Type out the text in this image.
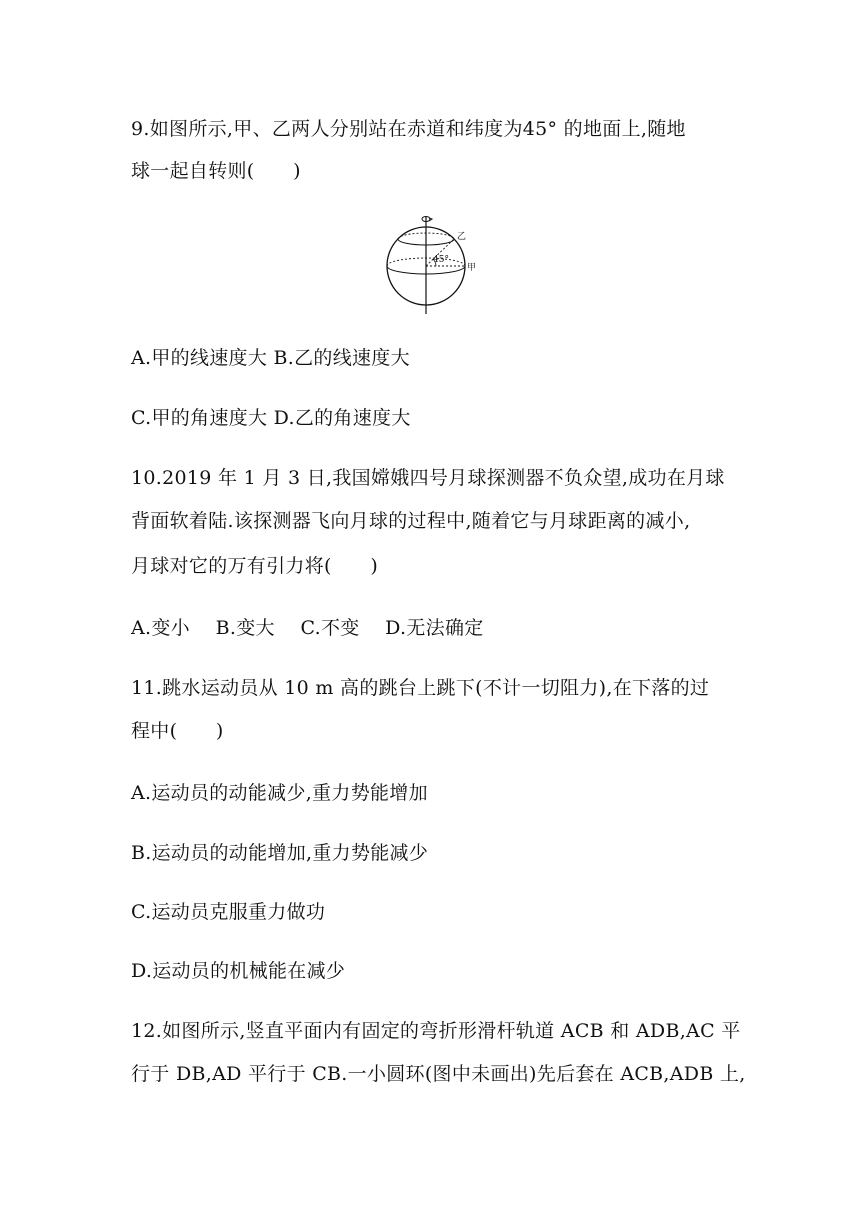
9.如图所示,甲、乙两人分别站在赤道和纬度为45° 的地面上,随地
球一起自转则(　　)
45°
乙
甲
A.甲的线速度大 B.乙的线速度大
C.甲的角速度大 D.乙的角速度大
10.2019 年 1 月 3 日,我国嫦娥四号月球探测器不负众望,成功在月球
背面软着陆.该探测器飞向月球的过程中,随着它与月球距离的减小,
月球对它的万有引力将(　　)
A.变小　 B.变大　 C.不变　 D.无法确定
11.跳水运动员从 10 m 高的跳台上跳下(不计一切阻力),在下落的过
程中(　　)
A.运动员的动能减少,重力势能增加
B.运动员的动能增加,重力势能减少
C.运动员克服重力做功
D.运动员的机械能在减少
12.如图所示,竖直平面内有固定的弯折形滑杆轨道 ACB 和 ADB,AC 平
行于 DB,AD 平行于 CB.一小圆环(图中未画出)先后套在 ACB,ADB 上,
